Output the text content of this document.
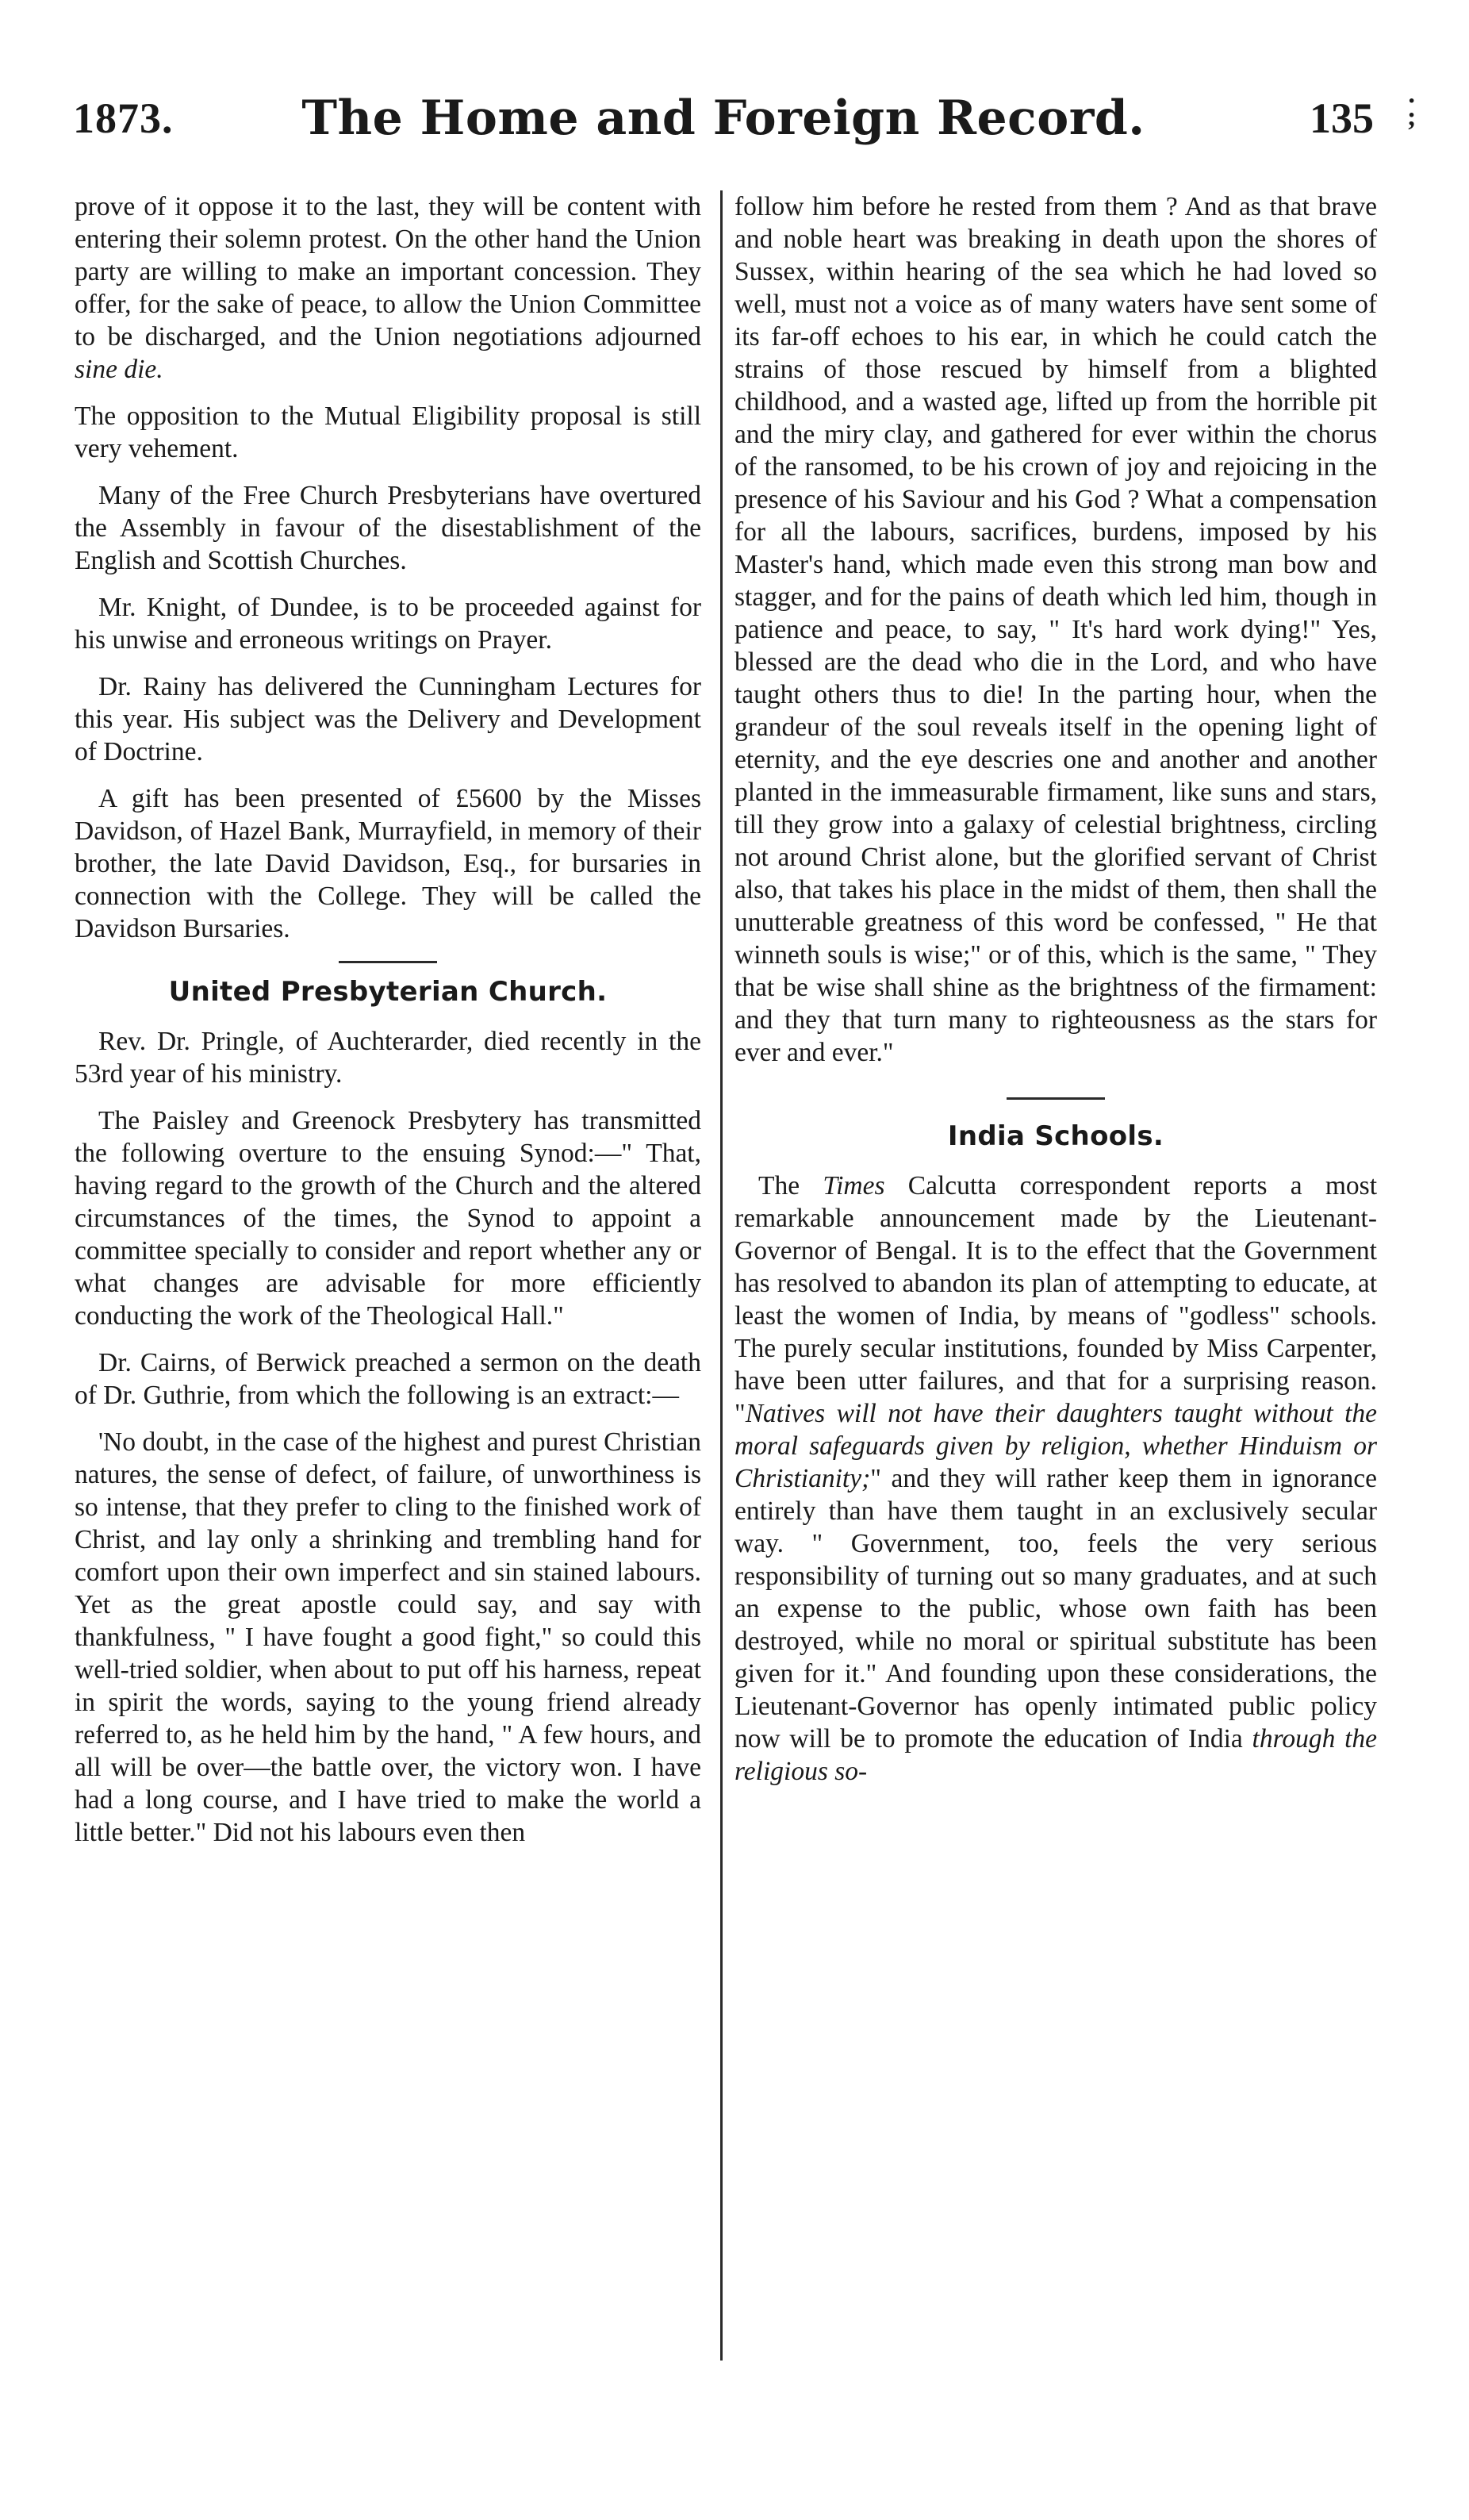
1873.	The Home and Foreign Record.	135 ·
;

prove of it oppose it to the last, they will be content with entering their solemn protest. On the other hand the Union party are willing to make an important concession. They offer, for the sake of peace, to allow the Union Committee to be discharged, and the Union negotiations adjourned sine die.

The opposition to the Mutual Eligibility proposal is still very vehement.

Many of the Free Church Presbyterians have overtured the Assembly in favour of the disestablishment of the English and Scottish Churches.

Mr. Knight, of Dundee, is to be proceeded against for his unwise and erroneous writings on Prayer.

Dr. Rainy has delivered the Cunningham Lectures for this year. His subject was the Delivery and Development of Doctrine.

A gift has been presented of £5600 by the Misses Davidson, of Hazel Bank, Murrayfield, in memory of their brother, the late David Davidson, Esq., for bursaries in connection with the College. They will be called the Davidson Bursaries.

United Presbyterian Church.

Rev. Dr. Pringle, of Auchterarder, died recently in the 53rd year of his ministry.

The Paisley and Greenock Presbytery has transmitted the following overture to the ensuing Synod:—" That, having regard to the growth of the Church and the altered circumstances of the times, the Synod to appoint a committee specially to consider and report whether any or what changes are advisable for more efficiently conducting the work of the Theological Hall."

Dr. Cairns, of Berwick preached a sermon on the death of Dr. Guthrie, from which the following is an extract:—

'No doubt, in the case of the highest and purest Christian natures, the sense of defect, of failure, of unworthiness is so intense, that they prefer to cling to the finished work of Christ, and lay only a shrinking and trembling hand for comfort upon their own imperfect and sin stained labours. Yet as the great apostle could say, and say with thankfulness, " I have fought a good fight," so could this well-tried soldier, when about to put off his harness, repeat in spirit the words, saying to the young friend already referred to, as he held him by the hand, " A few hours, and all will be over—the battle over, the victory won. I have had a long course, and I have tried to make the world a little better." Did not his labours even then

follow him before he rested from them ? And as that brave and noble heart was breaking in death upon the shores of Sussex, within hearing of the sea which he had loved so well, must not a voice as of many waters have sent some of its far-off echoes to his ear, in which he could catch the strains of those rescued by himself from a blighted childhood, and a wasted age, lifted up from the horrible pit and the miry clay, and gathered for ever within the chorus of the ransomed, to be his crown of joy and rejoicing in the presence of his Saviour and his God ? What a compensation for all the labours, sacrifices, burdens, imposed by his Master's hand, which made even this strong man bow and stagger, and for the pains of death which led him, though in patience and peace, to say, " It's hard work dying!" Yes, blessed are the dead who die in the Lord, and who have taught others thus to die! In the parting hour, when the grandeur of the soul reveals itself in the opening light of eternity, and the eye descries one and another and another planted in the immeasurable firmament, like suns and stars, till they grow into a galaxy of celestial brightness, circling not around Christ alone, but the glorified servant of Christ also, that takes his place in the midst of them, then shall the unutterable greatness of this word be confessed, " He that winneth souls is wise;" or of this, which is the same, " They that be wise shall shine as the brightness of the firmament: and they that turn many to righteousness as the stars for ever and ever."

India Schools.

The Times Calcutta correspondent reports a most remarkable announcement made by the Lieutenant-Governor of Bengal. It is to the effect that the Government has resolved to abandon its plan of attempting to educate, at least the women of India, by means of "godless" schools. The purely secular institutions, founded by Miss Carpenter, have been utter failures, and that for a surprising reason. "Natives will not have their daughters taught without the moral safeguards given by religion, whether Hinduism or Christianity;" and they will rather keep them in ignorance entirely than have them taught in an exclusively secular way. " Government, too, feels the very serious responsibility of turning out so many graduates, and at such an expense to the public, whose own faith has been destroyed, while no moral or spiritual substitute has been given for it." And founding upon these considerations, the Lieutenant-Governor has openly intimated public policy now will be to promote the education of India through the religious so-
